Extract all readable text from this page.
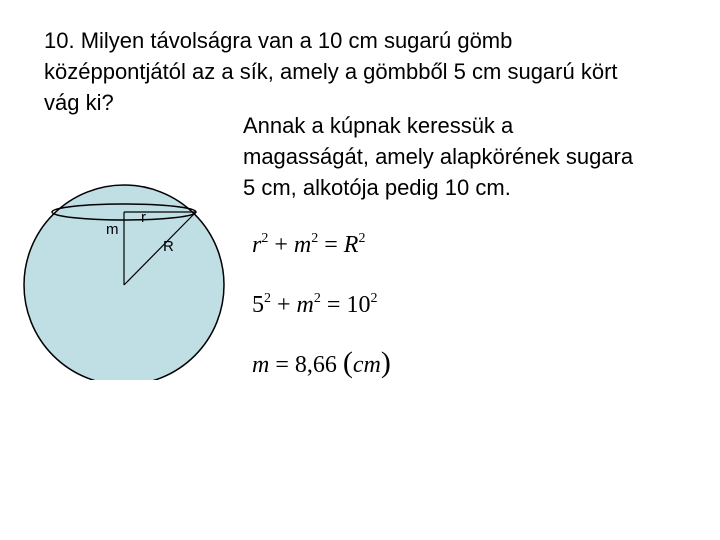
10. Milyen távolságra van a 10 cm sugarú gömb
középpontjától az a sík, amely a gömbből 5 cm sugarú kört
vág ki?
Annak a kúpnak keressük a
magasságát, amely alapkörének sugara
5 cm, alkotója pedig 10 cm.
m
r
R	$r^2 + m^2 = R^2$
$5^2 + m^2 = 10^2$
m = 8,66 (cm)
